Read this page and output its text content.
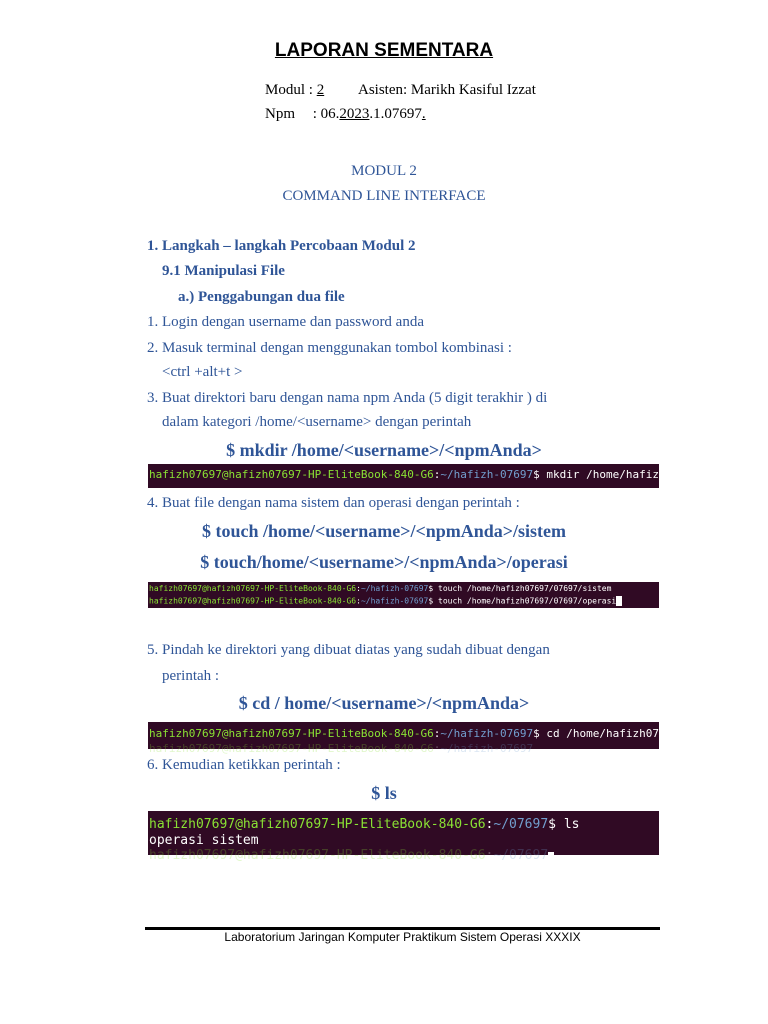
LAPORAN SEMENTARA
Modul : 2 Asisten: Marikh Kasiful Izzat
Npm : 06.2023.1.07697.
MODUL 2
COMMAND LINE INTERFACE
1. Langkah – langkah Percobaan Modul 2
9.1 Manipulasi File
a.) Penggabungan dua file
1. Login dengan username dan password anda
2. Masuk terminal dengan menggunakan tombol kombinasi :
<ctrl +alt+t >
3. Buat direktori baru dengan nama npm Anda (5 digit terakhir ) di
dalam kategori /home/<username> dengan perintah
$ mkdir /home/<username>/<npmAnda>
hafizh07697@hafizh07697-HP-EliteBook-840-G6:~/hafizh-07697$ mkdir /home/hafizh07697/07697
4. Buat file dengan nama sistem dan operasi dengan perintah :
$ touch /home/<username>/<npmAnda>/sistem
$ touch/home/<username>/<npmAnda>/operasi
hafizh07697@hafizh07697-HP-EliteBook-840-G6:~/hafizh-07697$ touch /home/hafizh07697/07697/sistem
hafizh07697@hafizh07697-HP-EliteBook-840-G6:~/hafizh-07697$ touch /home/hafizh07697/07697/operasi
5. Pindah ke direktori yang dibuat diatas yang sudah dibuat dengan
perintah :
$ cd / home/<username>/<npmAnda>
hafizh07697@hafizh07697-HP-EliteBook-840-G6:~/hafizh-07697$ cd /home/hafizh07697/07697
hafizh07697@hafizh07697-HP-EliteBook-840-G6:~/hafizh-07697
6. Kemudian ketikkan perintah :
$ ls
hafizh07697@hafizh07697-HP-EliteBook-840-G6:~/07697$ ls
operasi sistem
hafizh07697@hafizh07697-HP-EliteBook-840-G6:~/07697
Laboratorium Jaringan Komputer Praktikum Sistem Operasi XXXIX
